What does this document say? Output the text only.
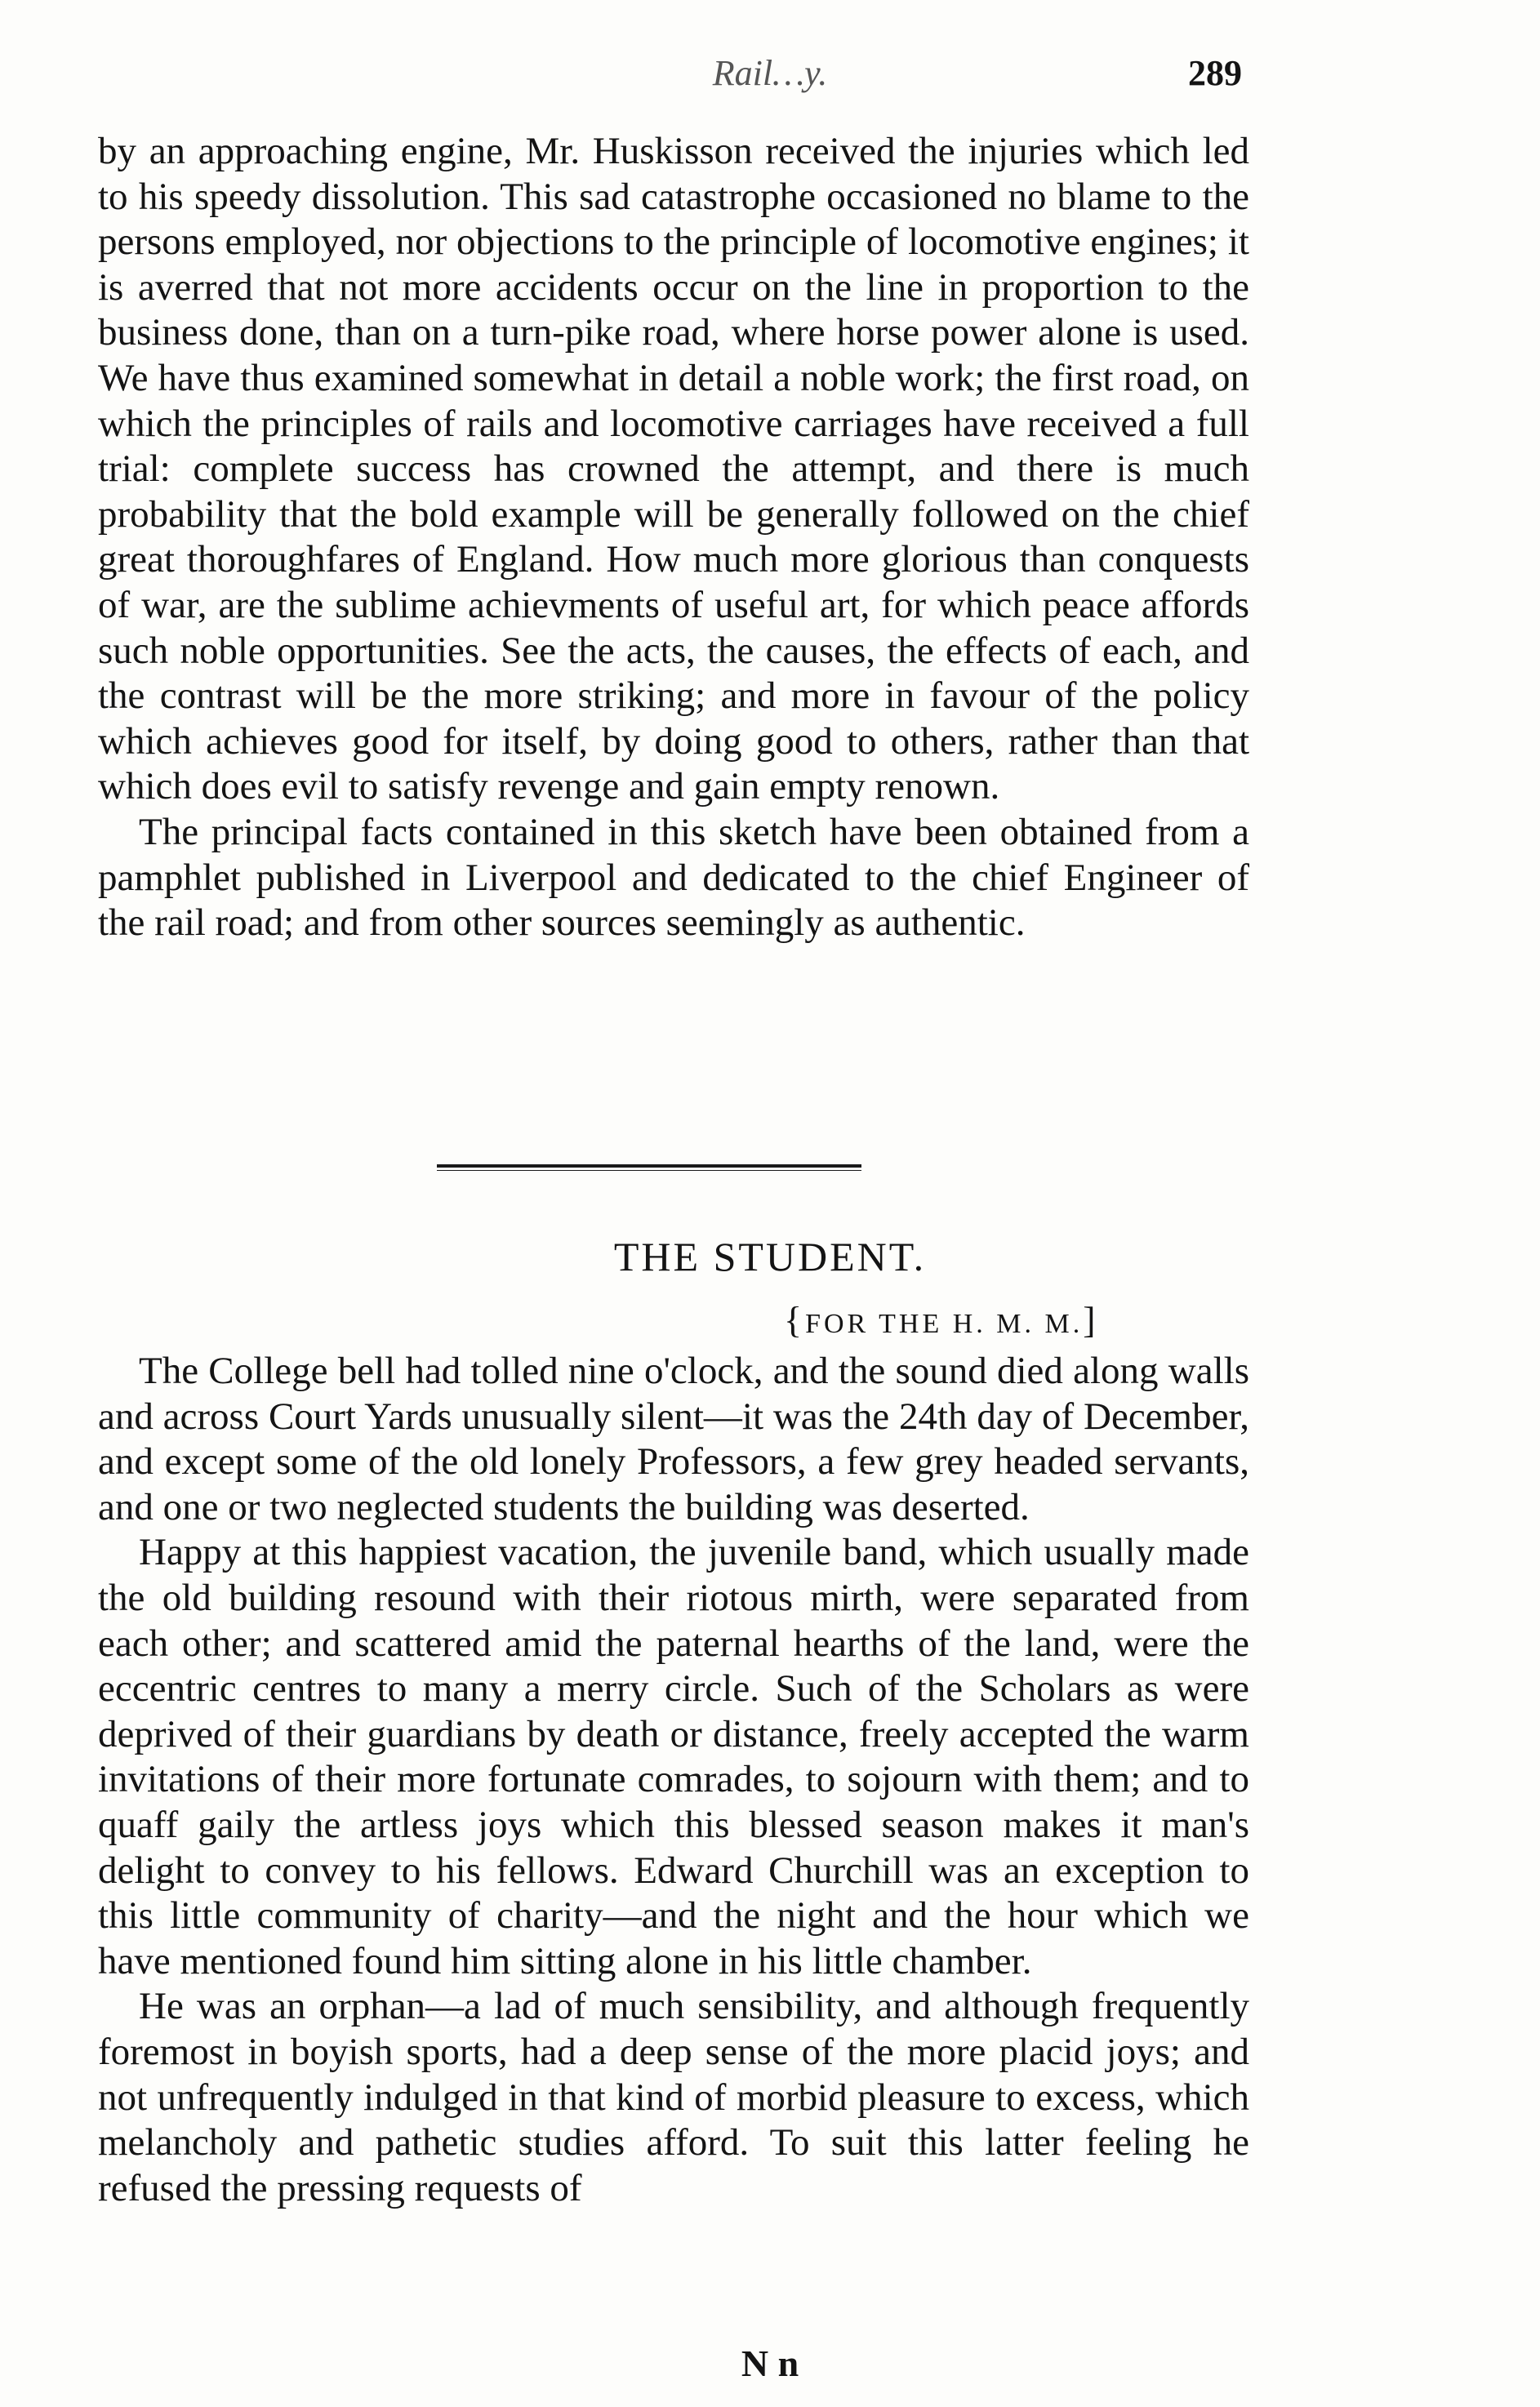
Rail…y.	289

by an approaching engine, Mr. Huskisson received the injuries which led to his speedy dissolution. This sad catastrophe occasioned no blame to the persons employed, nor objections to the principle of locomotive engines; it is averred that not more accidents occur on the line in proportion to the business done, than on a turn-pike road, where horse power alone is used. We have thus examined somewhat in detail a noble work; the first road, on which the principles of rails and locomotive carriages have received a full trial: complete success has crowned the attempt, and there is much probability that the bold example will be generally followed on the chief great thoroughfares of England. How much more glorious than conquests of war, are the sublime achievments of useful art, for which peace affords such noble opportunities. See the acts, the causes, the effects of each, and the contrast will be the more striking; and more in favour of the policy which achieves good for itself, by doing good to others, rather than that which does evil to satisfy revenge and gain empty renown.

The principal facts contained in this sketch have been obtained from a pamphlet published in Liverpool and dedicated to the chief Engineer of the rail road; and from other sources seemingly as authentic.

THE STUDENT.
{FOR THE H. M. M.]

The College bell had tolled nine o'clock, and the sound died along walls and across Court Yards unusually silent—it was the 24th day of December, and except some of the old lonely Professors, a few grey headed servants, and one or two neglected students the building was deserted.

Happy at this happiest vacation, the juvenile band, which usually made the old building resound with their riotous mirth, were separated from each other; and scattered amid the paternal hearths of the land, were the eccentric centres to many a merry circle. Such of the Scholars as were deprived of their guardians by death or distance, freely accepted the warm invitations of their more fortunate comrades, to sojourn with them; and to quaff gaily the artless joys which this blessed season makes it man's delight to convey to his fellows. Edward Churchill was an exception to this little community of charity—and the night and the hour which we have mentioned found him sitting alone in his little chamber.

He was an orphan—a lad of much sensibility, and although frequently foremost in boyish sports, had a deep sense of the more placid joys; and not unfrequently indulged in that kind of morbid pleasure to excess, which melancholy and pathetic studies afford. To suit this latter feeling he refused the pressing requests of

N n
